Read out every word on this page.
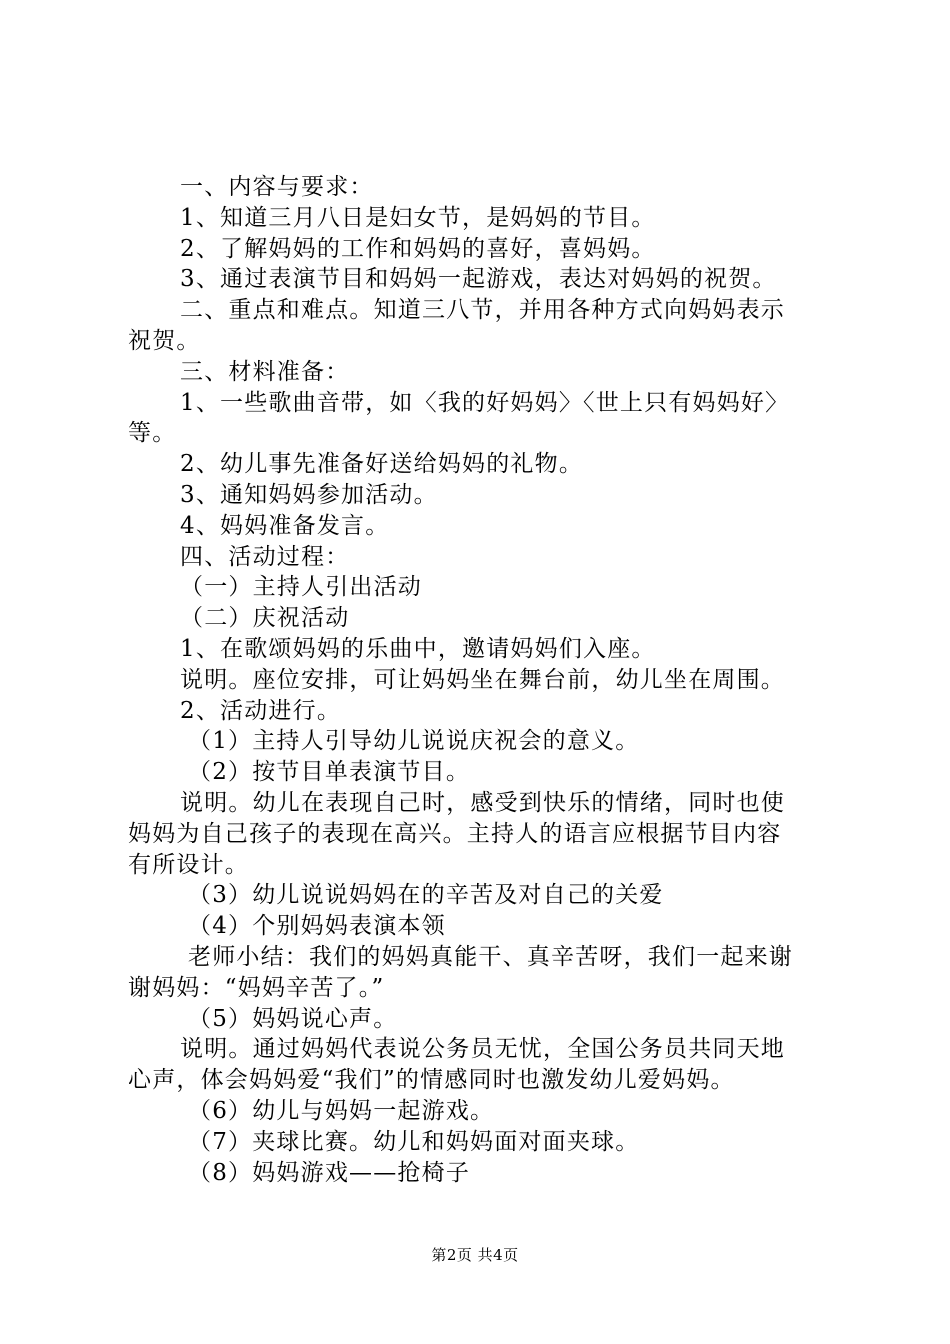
一、内容与要求：
1、知道三月八日是妇女节，是妈妈的节目。
2、了解妈妈的工作和妈妈的喜好，喜妈妈。
3、通过表演节目和妈妈一起游戏，表达对妈妈的祝贺。
二、重点和难点。知道三八节，并用各种方式向妈妈表示
祝贺。
三、材料准备：
1、一些歌曲音带，如〈我的好妈妈〉〈世上只有妈妈好〉
等。
2、幼儿事先准备好送给妈妈的礼物。
3、通知妈妈参加活动。
4、妈妈准备发言。
四、活动过程：
（一）主持人引出活动
（二）庆祝活动
1、在歌颂妈妈的乐曲中，邀请妈妈们入座。
说明。座位安排，可让妈妈坐在舞台前，幼儿坐在周围。
2、活动进行。
（1）主持人引导幼儿说说庆祝会的意义。
（2）按节目单表演节目。
说明。幼儿在表现自己时，感受到快乐的情绪，同时也使
妈妈为自己孩子的表现在高兴。主持人的语言应根据节目内容
有所设计。
（3）幼儿说说妈妈在的辛苦及对自己的关爱
（4）个别妈妈表演本领
老师小结：我们的妈妈真能干、真辛苦呀，我们一起来谢
谢妈妈：“妈妈辛苦了。”
（5）妈妈说心声。
说明。通过妈妈代表说公务员无忧，全国公务员共同天地
心声，体会妈妈爱“我们”的情感同时也激发幼儿爱妈妈。
（6）幼儿与妈妈一起游戏。
（7）夹球比赛。幼儿和妈妈面对面夹球。
（8）妈妈游戏——抢椅子
第2页 共4页
